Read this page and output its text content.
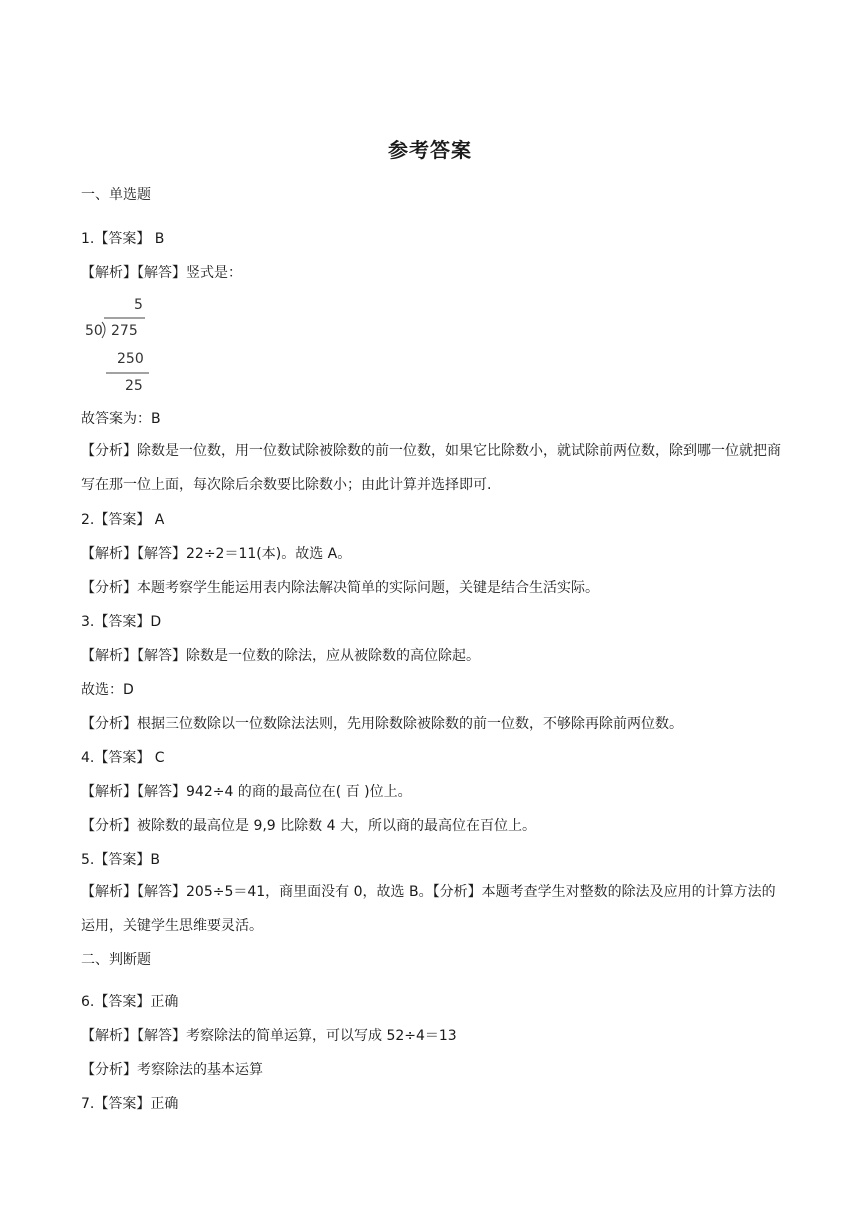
参考答案
一、单选题
1.【答案】 B
【解析】【解答】竖式是：
5
50 275
250
25
故答案为：B
【分析】除数是一位数，用一位数试除被除数的前一位数，如果它比除数小，就试除前两位数，除到哪一位就把商写在那一位上面，每次除后余数要比除数小；由此计算并选择即可.
2.【答案】 A
【解析】【解答】22÷2＝11(本)。故选 A。
【分析】本题考察学生能运用表内除法解决简单的实际问题，关键是结合生活实际。
3.【答案】D
【解析】【解答】除数是一位数的除法，应从被除数的高位除起。
故选：D
【分析】根据三位数除以一位数除法法则，先用除数除被除数的前一位数，不够除再除前两位数。
4.【答案】 C
【解析】【解答】942÷4 的商的最高位在( 百 )位上。
【分析】被除数的最高位是 9,9 比除数 4 大，所以商的最高位在百位上。
5.【答案】B
【解析】【解答】205÷5＝41，商里面没有 0，故选 B。【分析】本题考查学生对整数的除法及应用的计算方法的运用，关键学生思维要灵活。
二、判断题
6.【答案】正确
【解析】【解答】考察除法的简单运算，可以写成 52÷4＝13
【分析】考察除法的基本运算
7.【答案】正确
